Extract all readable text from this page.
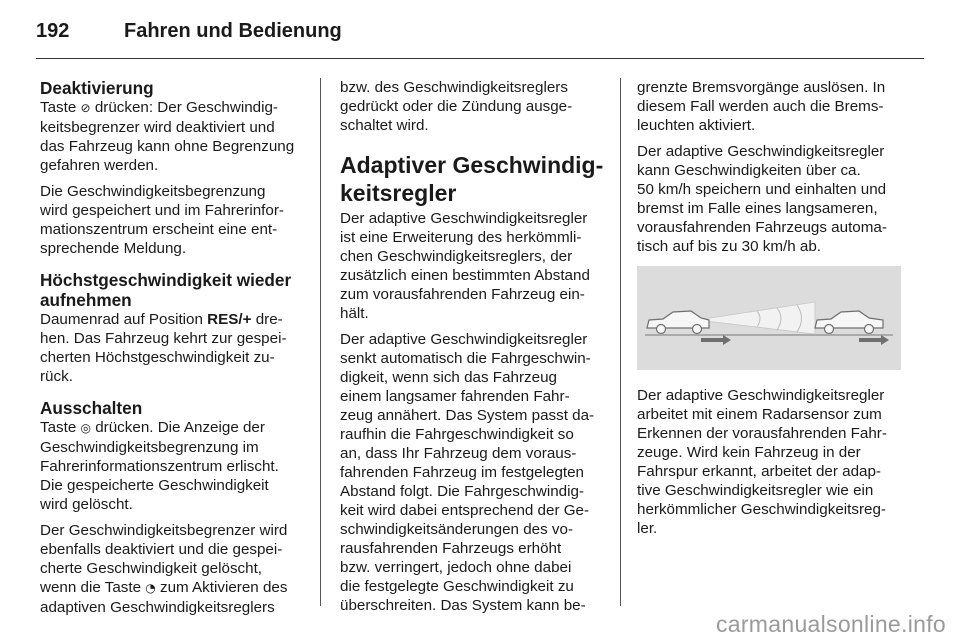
192	Fahren und Bedienung
Deaktivierung
Taste ⊘ drücken: Der Geschwindig-
keitsbegrenzer wird deaktiviert und
das Fahrzeug kann ohne Begrenzung
gefahren werden.
Die Geschwindigkeitsbegrenzung
wird gespeichert und im Fahrerinfor-
mationszentrum erscheint eine ent-
sprechende Meldung.
Höchstgeschwindigkeit wieder
aufnehmen
Daumenrad auf Position RES/+ dre-
hen. Das Fahrzeug kehrt zur gespei-
cherten Höchstgeschwindigkeit zu-
rück.
Ausschalten
Taste ◎ drücken. Die Anzeige der
Geschwindigkeitsbegrenzung im
Fahrerinformationszentrum erlischt.
Die gespeicherte Geschwindigkeit
wird gelöscht.
Der Geschwindigkeitsbegrenzer wird
ebenfalls deaktiviert und die gespei-
cherte Geschwindigkeit gelöscht,
wenn die Taste ◔ zum Aktivieren des
adaptiven Geschwindigkeitsreglers
bzw. des Geschwindigkeitsreglers
gedrückt oder die Zündung ausge-
schaltet wird.
Adaptiver Geschwindig-
keitsregler
Der adaptive Geschwindigkeitsregler
ist eine Erweiterung des herkömmli-
chen Geschwindigkeitsreglers, der
zusätzlich einen bestimmten Abstand
zum vorausfahrenden Fahrzeug ein-
hält.
Der adaptive Geschwindigkeitsregler
senkt automatisch die Fahrgeschwin-
digkeit, wenn sich das Fahrzeug
einem langsamer fahrenden Fahr-
zeug annähert. Das System passt da-
raufhin die Fahrgeschwindigkeit so
an, dass Ihr Fahrzeug dem voraus-
fahrenden Fahrzeug im festgelegten
Abstand folgt. Die Fahrgeschwindig-
keit wird dabei entsprechend der Ge-
schwindigkeitsänderungen des vo-
rausfahrenden Fahrzeugs erhöht
bzw. verringert, jedoch ohne dabei
die festgelegte Geschwindigkeit zu
überschreiten. Das System kann be-
grenzte Bremsvorgänge auslösen. In
diesem Fall werden auch die Brems-
leuchten aktiviert.
Der adaptive Geschwindigkeitsregler
kann Geschwindigkeiten über ca.
50 km/h speichern und einhalten und
bremst im Falle eines langsameren,
vorausfahrenden Fahrzeugs automa-
tisch auf bis zu 30 km/h ab.
Der adaptive Geschwindigkeitsregler
arbeitet mit einem Radarsensor zum
Erkennen der vorausfahrenden Fahr-
zeuge. Wird kein Fahrzeug in der
Fahrspur erkannt, arbeitet der adap-
tive Geschwindigkeitsregler wie ein
herkömmlicher Geschwindigkeitsreg-
ler.
carmanualsonline.info
